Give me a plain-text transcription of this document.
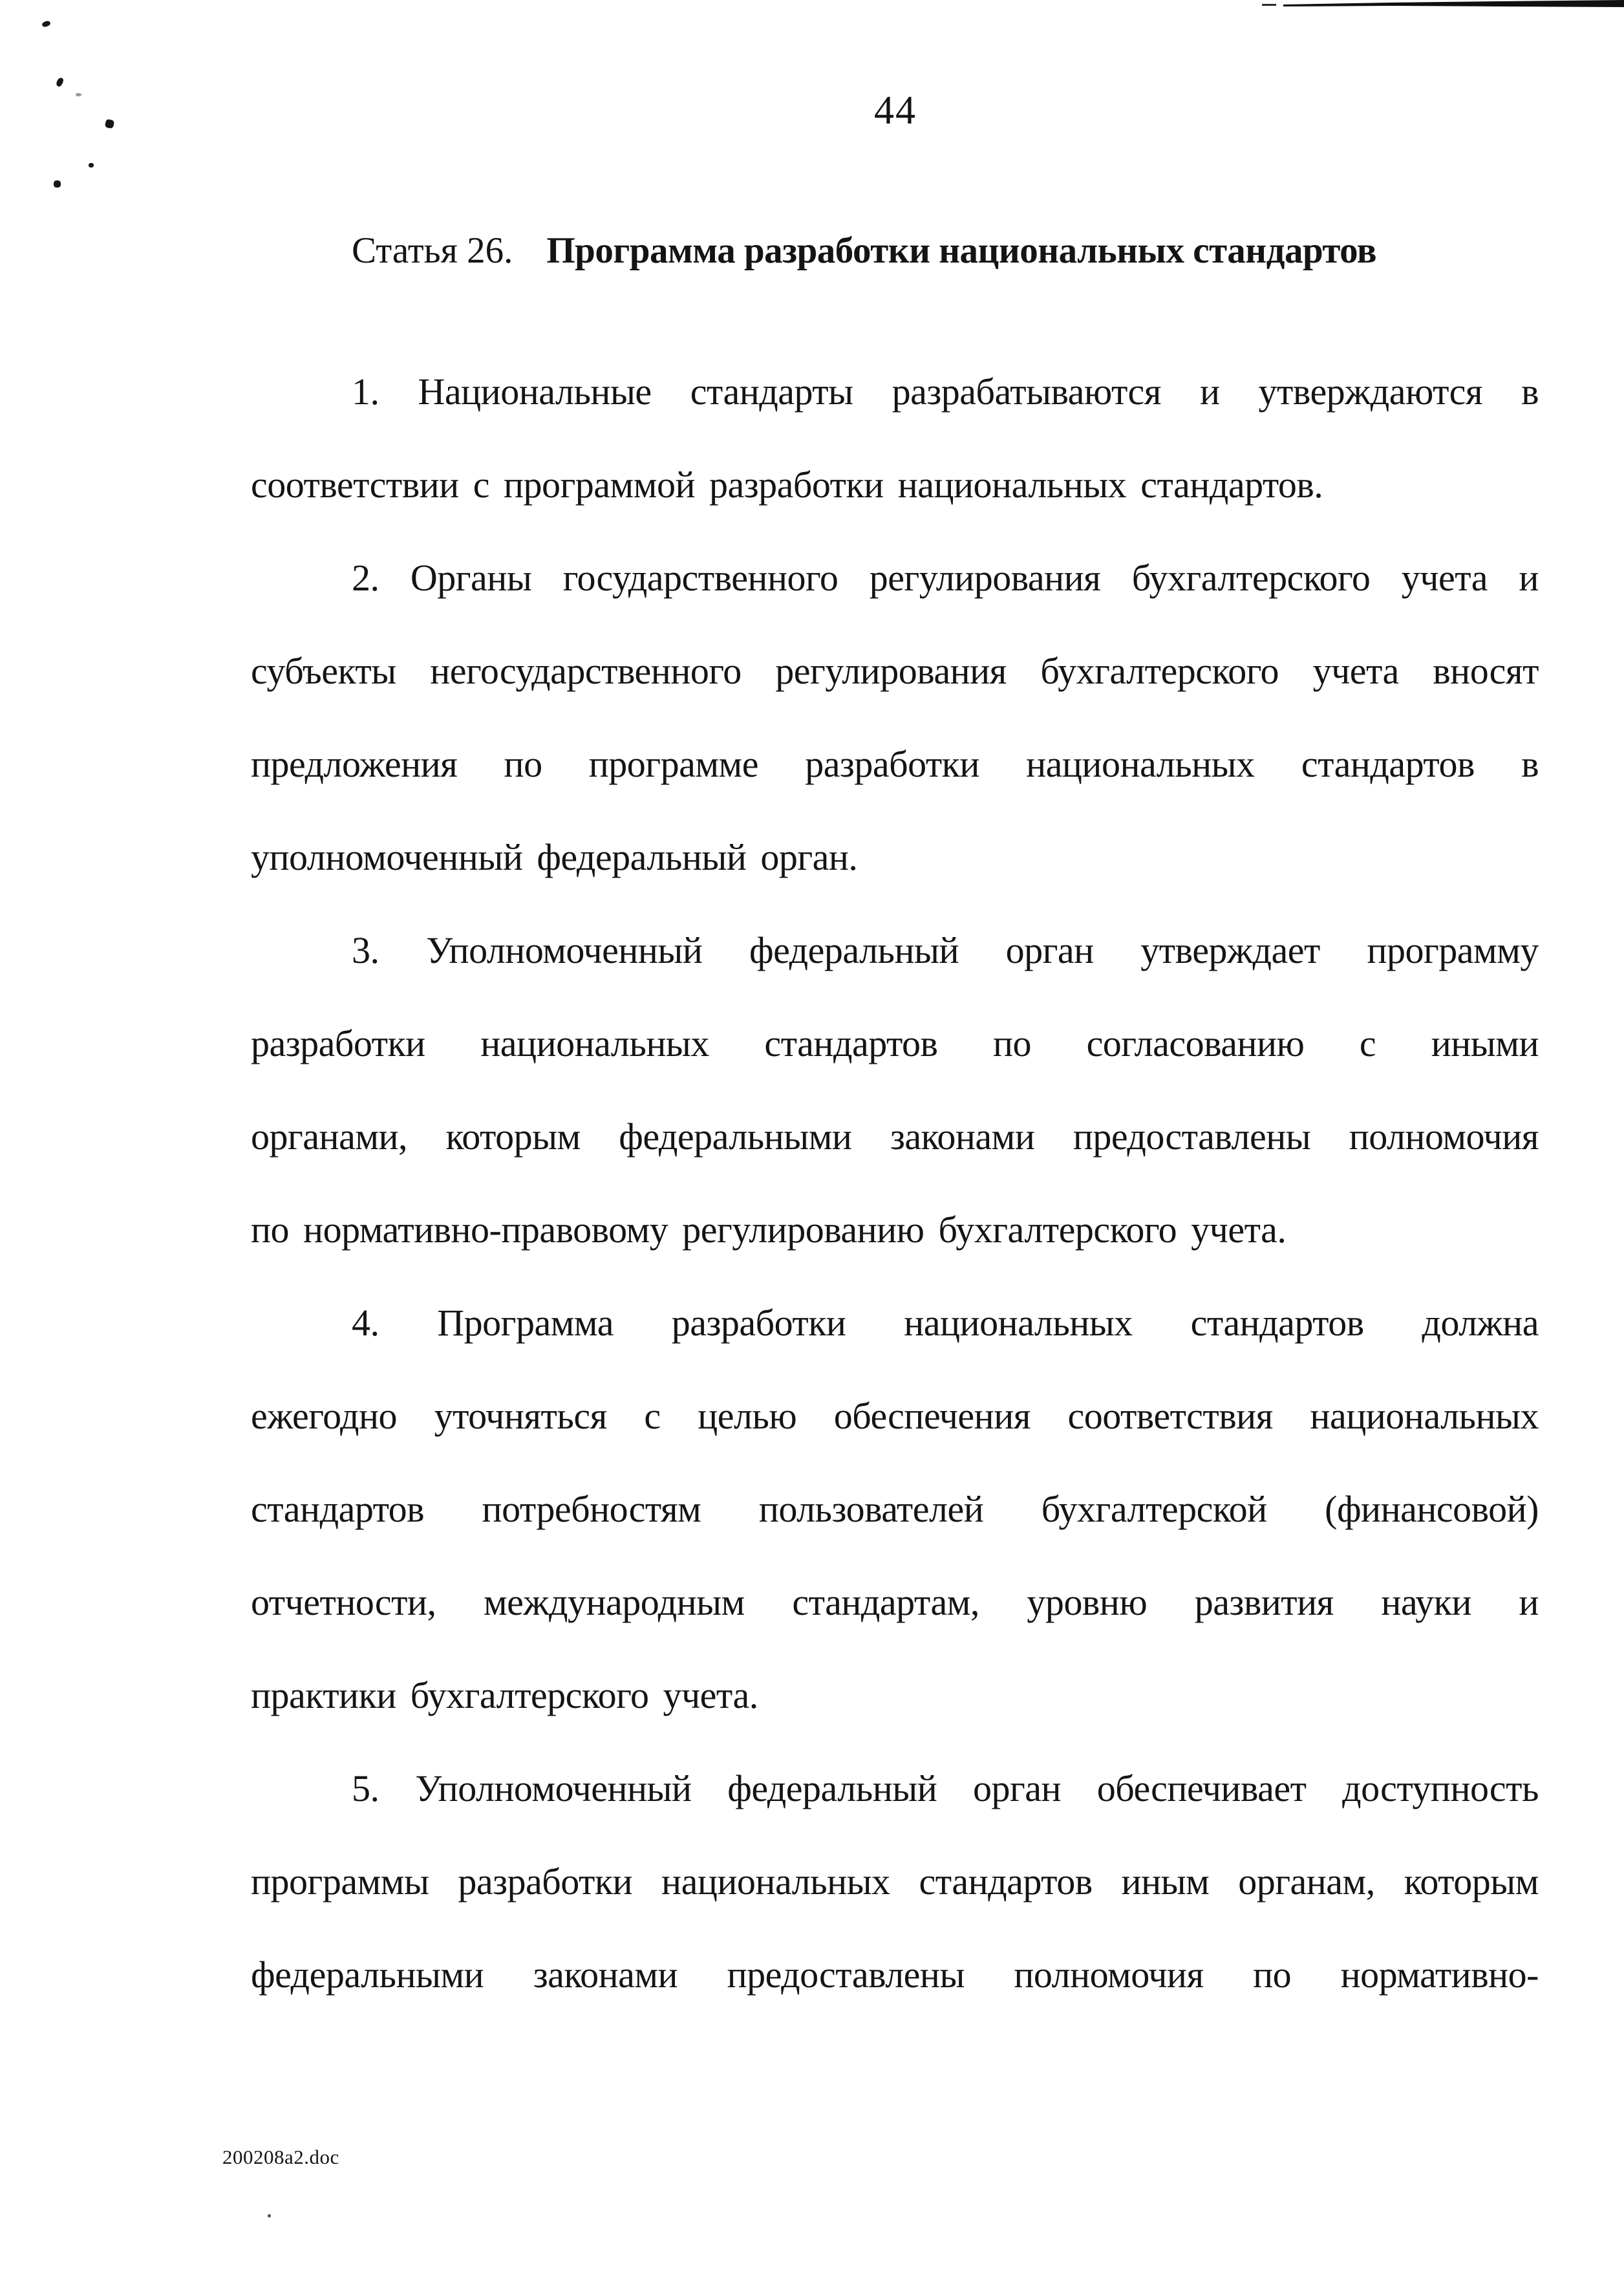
44
Статья 26. Программа разработки национальных стандартов
1. Национальные стандарты разрабатываются и утверждаются в
соответствии с программой разработки национальных стандартов.
2. Органы государственного регулирования бухгалтерского учета и
субъекты негосударственного регулирования бухгалтерского учета вносят
предложения по программе разработки национальных стандартов в
уполномоченный федеральный орган.
3. Уполномоченный федеральный орган утверждает программу
разработки национальных стандартов по согласованию с иными
органами, которым федеральными законами предоставлены полномочия
по нормативно-правовому регулированию бухгалтерского учета.
4. Программа разработки национальных стандартов должна
ежегодно уточняться с целью обеспечения соответствия национальных
стандартов потребностям пользователей бухгалтерской (финансовой)
отчетности, международным стандартам, уровню развития науки и
практики бухгалтерского учета.
5. Уполномоченный федеральный орган обеспечивает доступность
программы разработки национальных стандартов иным органам, которым
федеральными законами предоставлены полномочия по нормативно-
200208a2.doc
